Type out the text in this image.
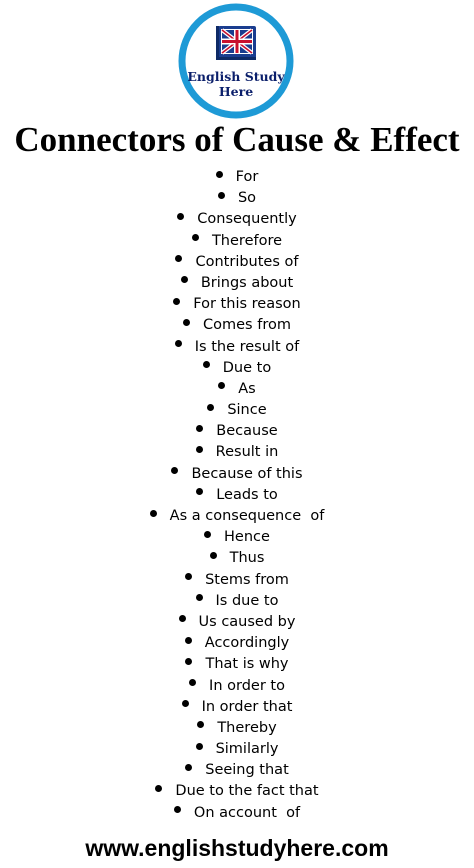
English Study
Here
Connectors of Cause & Effect
For
So
Consequently
Therefore
Contributes of
Brings about
For this reason
Comes from
Is the result of
Due to
As
Since
Because
Result in
Because of this
Leads to
As a consequence  of
Hence
Thus
Stems from
Is due to
Us caused by
Accordingly
That is why
In order to
In order that
Thereby
Similarly
Seeing that
Due to the fact that
On account  of
www.englishstudyhere.com
